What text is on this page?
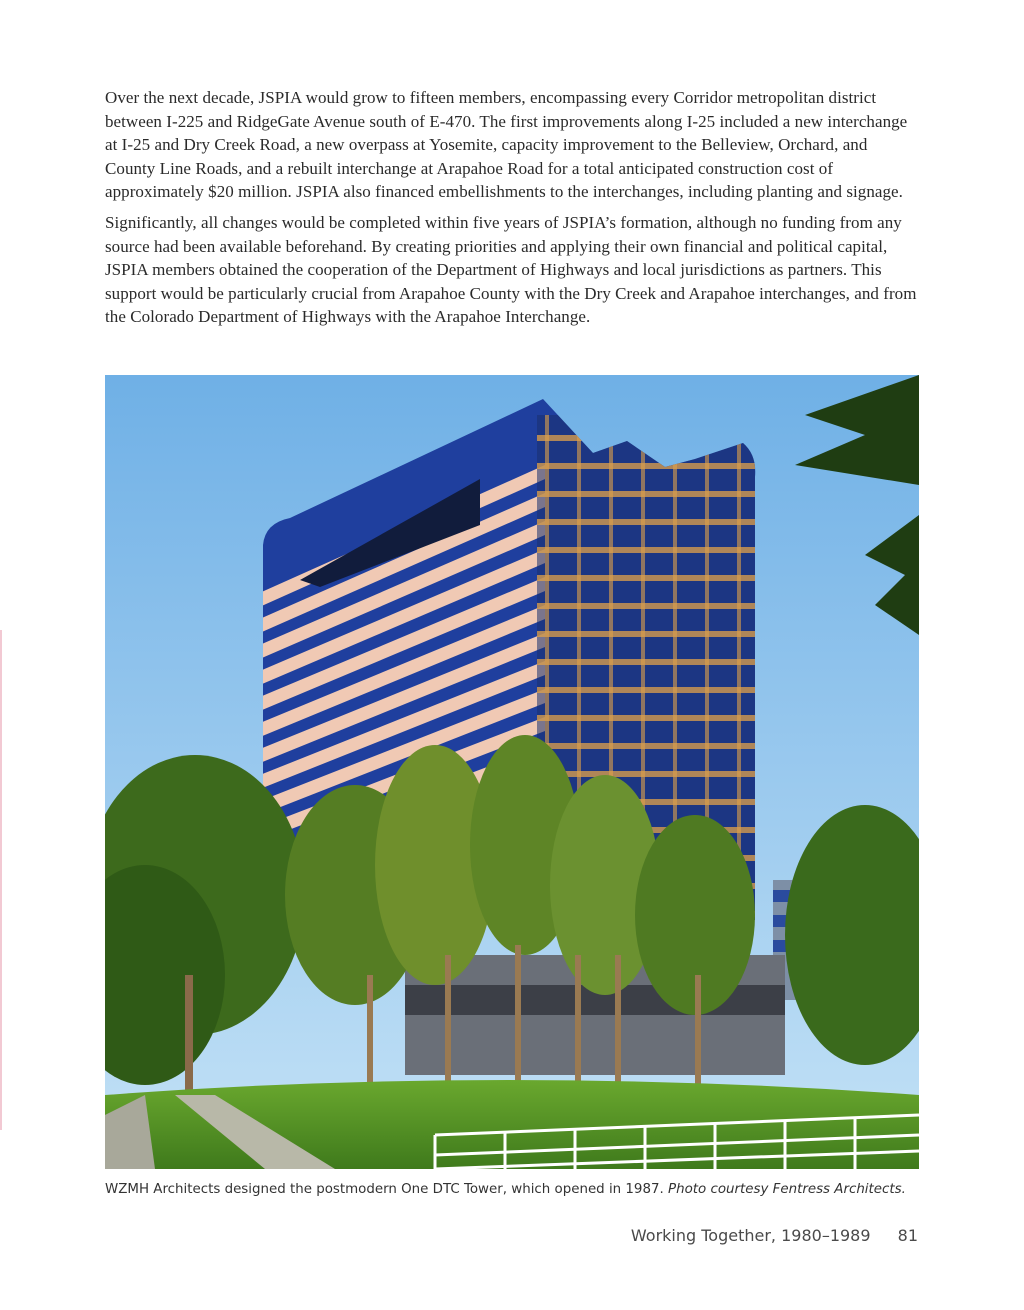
Over the next decade, JSPIA would grow to fifteen members, encompassing every Corridor metropolitan district between I-225 and RidgeGate Avenue south of E-470. The first improvements along I-25 included a new interchange at I-25 and Dry Creek Road, a new overpass at Yosemite, capacity improvement to the Belleview, Orchard, and County Line Roads, and a rebuilt interchange at Arapahoe Road for a total anticipated construction cost of approximately $20 million. JSPIA also financed embellishments to the interchanges, including planting and signage.

Significantly, all changes would be completed within five years of JSPIA’s formation, although no funding from any source had been available beforehand. By creating priorities and applying their own financial and political capital, JSPIA members obtained the cooperation of the Department of Highways and local jurisdictions as partners. This support would be particularly crucial from Arapahoe County with the Dry Creek and Arapahoe interchanges, and from the Colorado Department of Highways with the Arapahoe Interchange.

WZMH Architects designed the postmodern One DTC Tower, which opened in 1987. Photo courtesy Fentress Architects.
Working Together, 1980–1989 81
